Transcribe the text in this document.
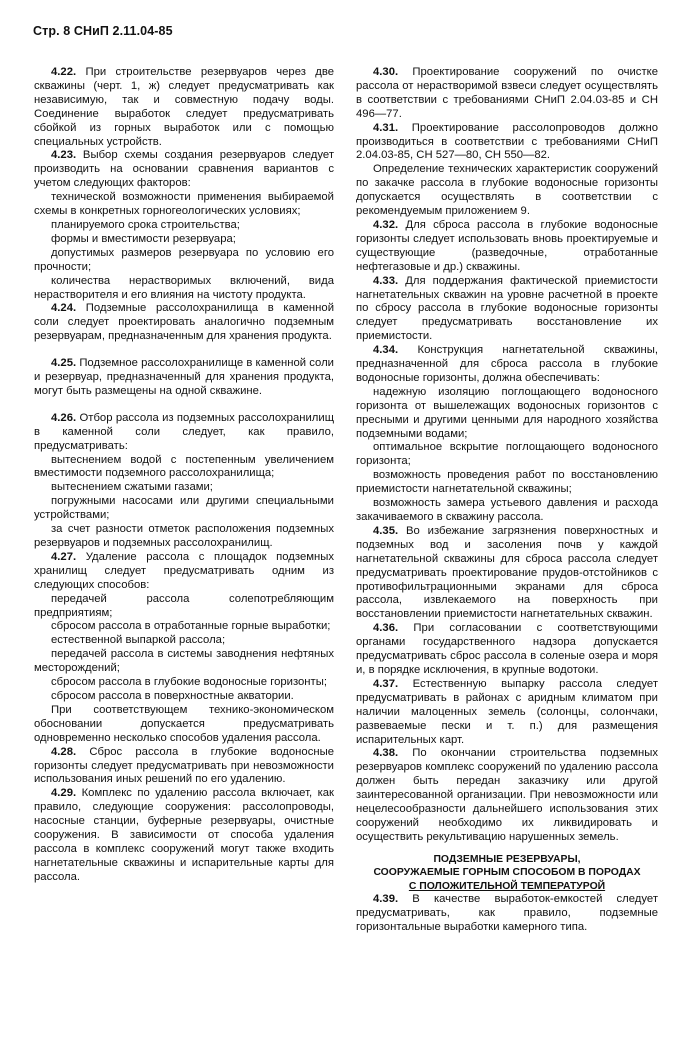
Стр. 8 СНиП 2.11.04-85

4.22. При строительстве резервуаров через две скважины (черт. 1, ж) следует предусматривать как независимую, так и совместную подачу воды. Соединение выработок следует предусматривать сбойкой из горных выработок или с помощью специальных устройств.

4.23. Выбор схемы создания резервуаров следует производить на основании сравнения вариантов с учетом следующих факторов:

технической возможности применения выбираемой схемы в конкретных горногеологических условиях;

планируемого срока строительства;

формы и вместимости резервуара;

допустимых размеров резервуара по условию его прочности;

количества нерастворимых включений, вида нерастворителя и его влияния на чистоту продукта.

4.24. Подземные рассолохранилища в каменной соли следует проектировать аналогично подземным резервуарам, предназначенным для хранения продукта.

4.25. Подземное рассолохранилище в каменной соли и резервуар, предназначенный для хранения продукта, могут быть размещены на одной скважине.

4.26. Отбор рассола из подземных рассолохранилищ в каменной соли следует, как правило, предусматривать:

вытеснением водой с постепенным увеличением вместимости подземного рассолохранилища;

вытеснением сжатыми газами;

погружными насосами или другими специальными устройствами;

за счет разности отметок расположения подземных резервуаров и подземных рассолохранилищ.

4.27. Удаление рассола с площадок подземных хранилищ следует предусматривать одним из следующих способов:

передачей рассола солепотребляющим предприятиям;

сбросом рассола в отработанные горные выработки;

естественной выпаркой рассола;

передачей рассола в системы заводнения нефтяных месторождений;

сбросом рассола в глубокие водоносные горизонты;

сбросом рассола в поверхностные акватории.

При соответствующем технико-экономическом обосновании допускается предусматривать одновременно несколько способов удаления рассола.

4.28. Сброс рассола в глубокие водоносные горизонты следует предусматривать при невозможности использования иных решений по его удалению.

4.29. Комплекс по удалению рассола включает, как правило, следующие сооружения: рассолопроводы, насосные станции, буферные резервуары, очистные сооружения. В зависимости от способа удаления рассола в комплекс сооружений могут также входить нагнетательные скважины и испарительные карты для рассола.

4.30. Проектирование сооружений по очистке рассола от нерастворимой взвеси следует осуществлять в соответствии с требованиями СНиП 2.04.03-85 и СН 496—77.

4.31. Проектирование рассолопроводов должно производиться в соответствии с требованиями СНиП 2.04.03-85, СН 527—80, СН 550—82.

Определение технических характеристик сооружений по закачке рассола в глубокие водоносные горизонты допускается осуществлять в соответствии с рекомендуемым приложением 9.

4.32. Для сброса рассола в глубокие водоносные горизонты следует использовать вновь проектируемые и существующие (разведочные, отработанные нефтегазовые и др.) скважины.

4.33. Для поддержания фактической приемистости нагнетательных скважин на уровне расчетной в проекте по сбросу рассола в глубокие водоносные горизонты следует предусматривать восстановление их приемистости.

4.34. Конструкция нагнетательной скважины, предназначенной для сброса рассола в глубокие водоносные горизонты, должна обеспечивать:

надежную изоляцию поглощающего водоносного горизонта от вышележащих водоносных горизонтов с пресными и другими ценными для народного хозяйства подземными водами;

оптимальное вскрытие поглощающего водоносного горизонта;

возможность проведения работ по восстановлению приемистости нагнетательной скважины;

возможность замера устьевого давления и расхода закачиваемого в скважину рассола.

4.35. Во избежание загрязнения поверхностных и подземных вод и засоления почв у каждой нагнетательной скважины для сброса рассола следует предусматривать проектирование прудов-отстойников с противофильтрационными экранами для сброса рассола, извлекаемого на поверхность при восстановлении приемистости нагнетательных скважин.

4.36. При согласовании с соответствующими органами государственного надзора допускается предусматривать сброс рассола в соленые озера и моря и, в порядке исключения, в крупные водотоки.

4.37. Естественную выпарку рассола следует предусматривать в районах с аридным климатом при наличии малоценных земель (солонцы, солончаки, развеваемые пески и т. п.) для размещения испарительных карт.

4.38. По окончании строительства подземных резервуаров комплекс сооружений по удалению рассола должен быть передан заказчику или другой заинтересованной организации. При невозможности или нецелесообразности дальнейшего использования этих сооружений необходимо их ликвидировать и осуществить рекультивацию нарушенных земель.

ПОДЗЕМНЫЕ РЕЗЕРВУАРЫ,
СООРУЖАЕМЫЕ ГОРНЫМ СПОСОБОМ В ПОРОДАХ
С ПОЛОЖИТЕЛЬНОЙ ТЕМПЕРАТУРОЙ

4.39. В качестве выработок-емкостей следует предусматривать, как правило, подземные горизонтальные выработки камерного типа.
